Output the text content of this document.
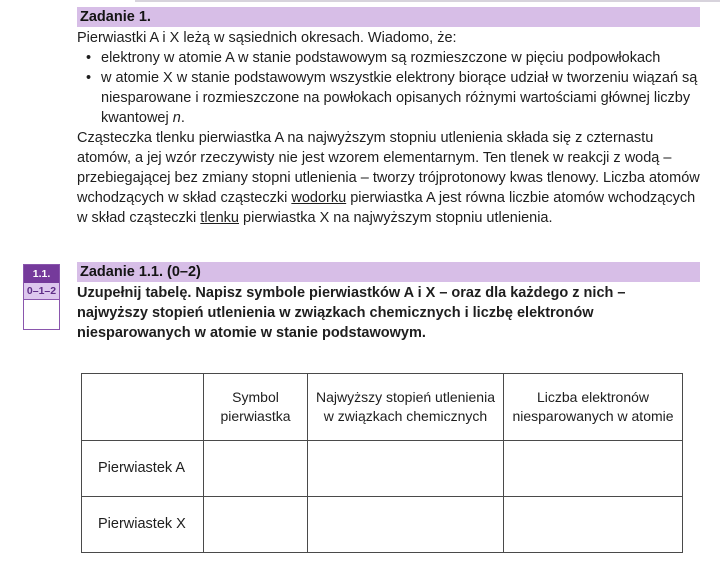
Zadanie 1.
Pierwiastki A i X leżą w sąsiednich okresach. Wiadomo, że:
•
elektrony w atomie A w stanie podstawowym są rozmieszczone w pięciu podpowłokach
•
w atomie X w stanie podstawowym wszystkie elektrony biorące udział w tworzeniu wiązań są niesparowane i rozmieszczone na powłokach opisanych różnymi wartościami głównej liczby kwantowej n.
Cząsteczka tlenku pierwiastka A na najwyższym stopniu utlenienia składa się z czternastu atomów, a jej wzór rzeczywisty nie jest wzorem elementarnym. Ten tlenek w reakcji z wodą – przebiegającej bez zmiany stopni utlenienia – tworzy trójprotonowy kwas tlenowy. Liczba atomów wchodzących w skład cząsteczki wodorku pierwiastka A jest równa liczbie atomów wchodzących w skład cząsteczki tlenku pierwiastka X na najwyższym stopniu utlenienia.
1.1.
0–1–2
Zadanie 1.1. (0–2)
Uzupełnij tabelę. Napisz symbole pierwiastków A i X – oraz dla każdego z nich – najwyższy stopień utlenienia w związkach chemicznych i liczbę elektronów niesparowanych w atomie w stanie podstawowym.
	Symbol pierwiastka	Najwyższy stopień utlenienia w związkach chemicznych	Liczba elektronów niesparowanych w atomie
Pierwiastek A			
Pierwiastek X			
